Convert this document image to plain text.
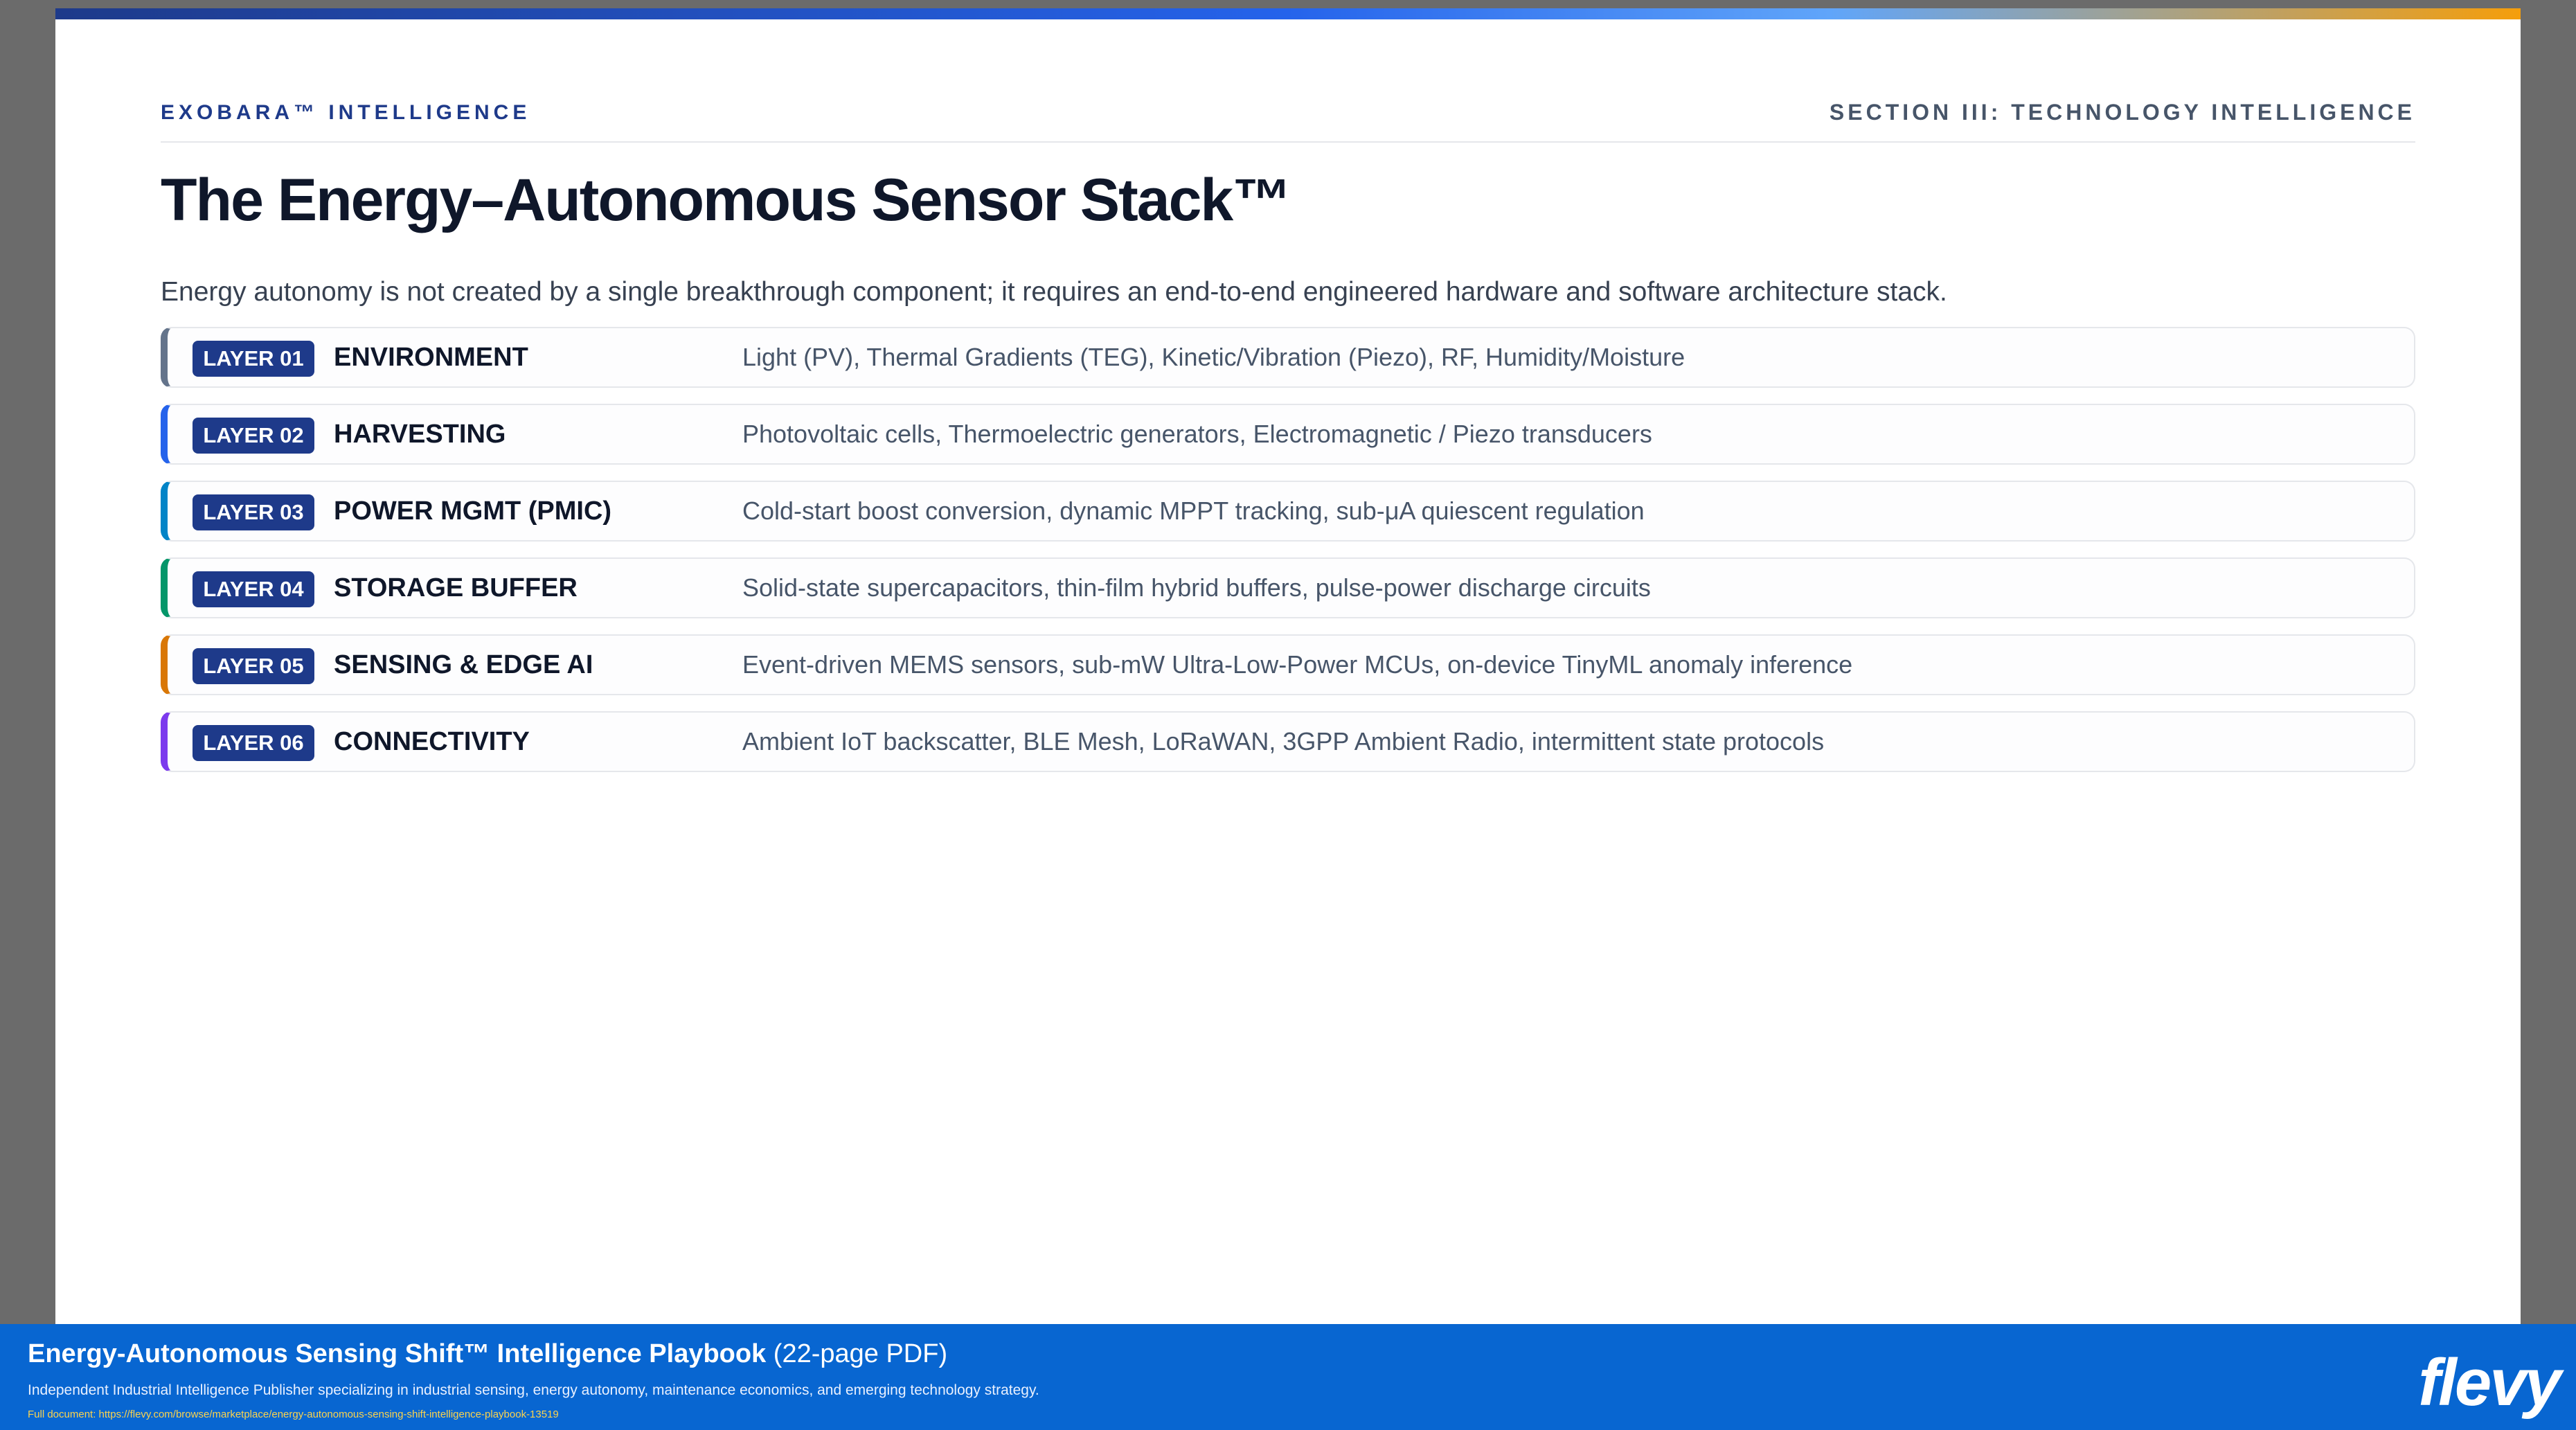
EXOBARA™ INTELLIGENCE	SECTION III: TECHNOLOGY INTELLIGENCE
The Energy–Autonomous Sensor Stack™
Energy autonomy is not created by a single breakthrough component; it requires an end-to-end engineered hardware and software architecture stack.
LAYER 01	ENVIRONMENT	Light (PV), Thermal Gradients (TEG), Kinetic/Vibration (Piezo), RF, Humidity/Moisture
LAYER 02	HARVESTING	Photovoltaic cells, Thermoelectric generators, Electromagnetic / Piezo transducers
LAYER 03	POWER MGMT (PMIC)	Cold-start boost conversion, dynamic MPPT tracking, sub-μA quiescent regulation
LAYER 04	STORAGE BUFFER	Solid-state supercapacitors, thin-film hybrid buffers, pulse-power discharge circuits
LAYER 05	SENSING & EDGE AI	Event-driven MEMS sensors, sub-mW Ultra-Low-Power MCUs, on-device TinyML anomaly inference
LAYER 06	CONNECTIVITY	Ambient IoT backscatter, BLE Mesh, LoRaWAN, 3GPP Ambient Radio, intermittent state protocols
Energy-Autonomous Sensing Shift™ Intelligence Playbook (22-page PDF)
Independent Industrial Intelligence Publisher specializing in industrial sensing, energy autonomy, maintenance economics, and emerging technology strategy.
Full document: https://flevy.com/browse/marketplace/energy-autonomous-sensing-shift-intelligence-playbook-13519	flevy
